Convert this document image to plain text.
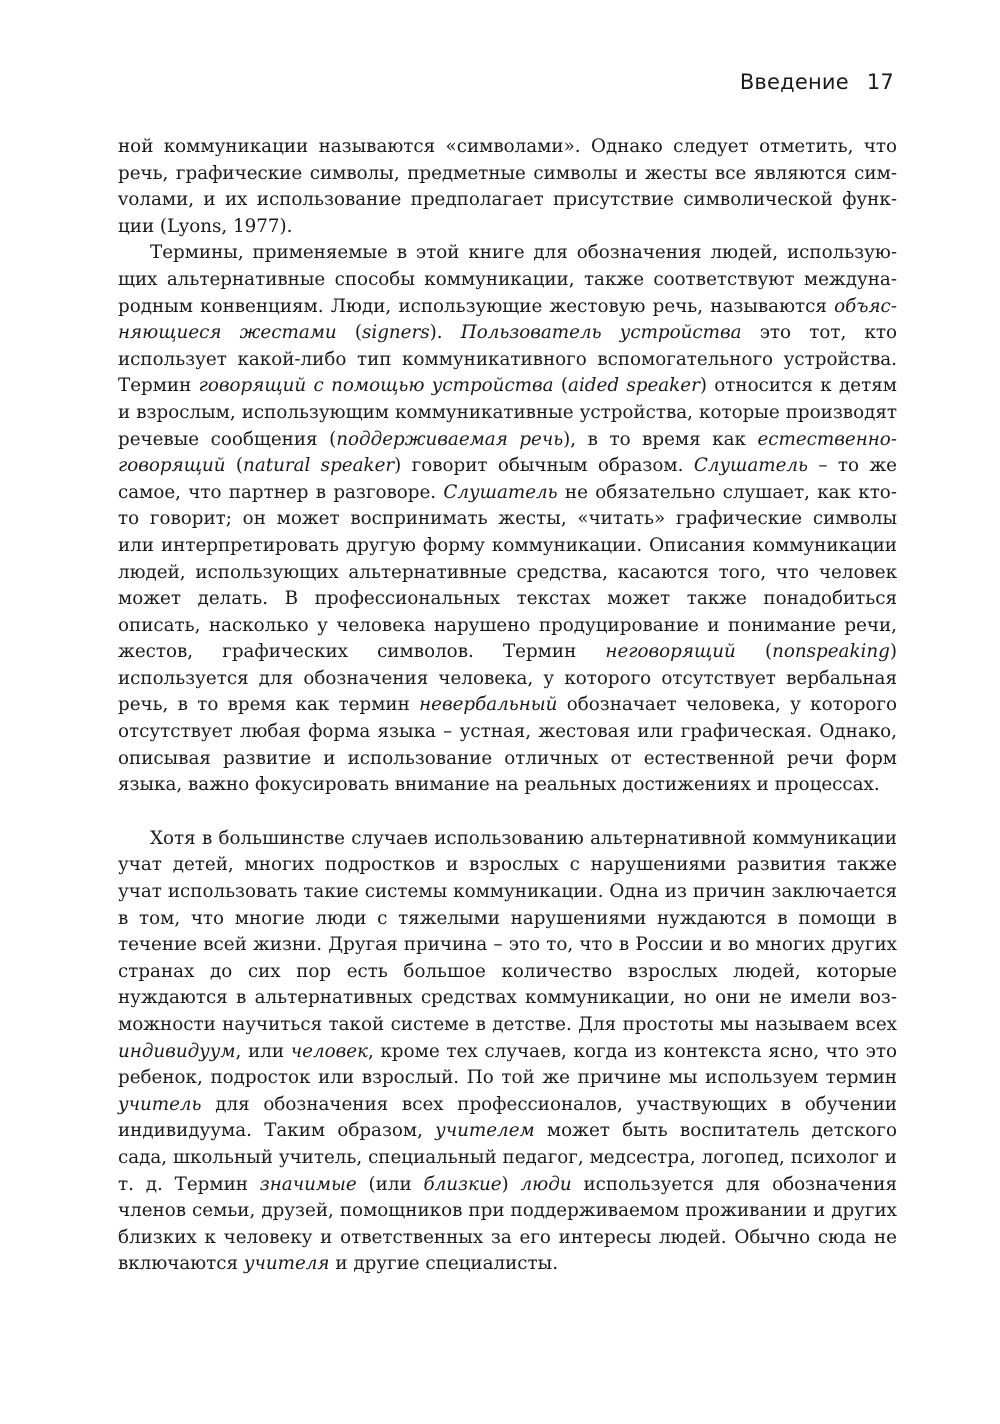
Введение 17

ной коммуникации называются «символами». Однако следует отметить, что речь, графические символы, предметные символы и жесты все являются симvолами, и их использование предполагает присутствие символической функции (Lyons, 1977).

Термины, применяемые в этой книге для обозначения людей, использующих альтернативные способы коммуникации, также соответствуют международным конвенциям. Люди, использующие жестовую речь, называются объясняющиеся жестами (signers). Пользователь устройства это тот, кто использует какой-либо тип коммуникативного вспомогательного устройства. Термин говорящий с помощью устройства (aided speaker) относится к детям и взрослым, использующим коммуникативные устройства, которые производят речевые сообщения (поддерживаемая речь), в то время как естественно-говорящий (natural speaker) говорит обычным образом. Слушатель – то же самое, что партнер в разговоре. Слушатель не обязательно слушает, как кто-то говорит; он может воспринимать жесты, «читать» графические символы или интерпретировать другую форму коммуникации. Описания коммуникации людей, использующих альтернативные средства, касаются того, что человек может делать. В профессиональных текстах может также понадобиться описать, насколько у человека нарушено продуцирование и понимание речи, жестов, графических символов. Термин неговорящий (nonspeaking) используется для обозначения человека, у которого отсутствует вербальная речь, в то время как термин невербальный обозначает человека, у которого отсутствует любая форма языка – устная, жестовая или графическая. Однако, описывая развитие и использование отличных от естественной речи форм языка, важно фокусировать внимание на реальных достижениях и процессах.

Хотя в большинстве случаев использованию альтернативной коммуникации учат детей, многих подростков и взрослых с нарушениями развития также учат использовать такие системы коммуникации. Одна из причин заключается в том, что многие люди с тяжелыми нарушениями нуждаются в помощи в течение всей жизни. Другая причина – это то, что в России и во многих других странах до сих пор есть большое количество взрослых людей, которые нуждаются в альтернативных средствах коммуникации, но они не имели возможности научиться такой системе в детстве. Для простоты мы называем всех индивидуум, или человек, кроме тех случаев, когда из контекста ясно, что это ребенок, подросток или взрослый. По той же причине мы используем термин учитель для обозначения всех профессионалов, участвующих в обучении индивидуума. Таким образом, учителем может быть воспитатель детского сада, школьный учитель, специальный педагог, медсестра, логопед, психолог и т. д. Термин значимые (или близкие) люди используется для обозначения членов семьи, друзей, помощников при поддерживаемом проживании и других близких к человеку и ответственных за его интересы людей. Обычно сюда не включаются учителя и другие специалисты.
